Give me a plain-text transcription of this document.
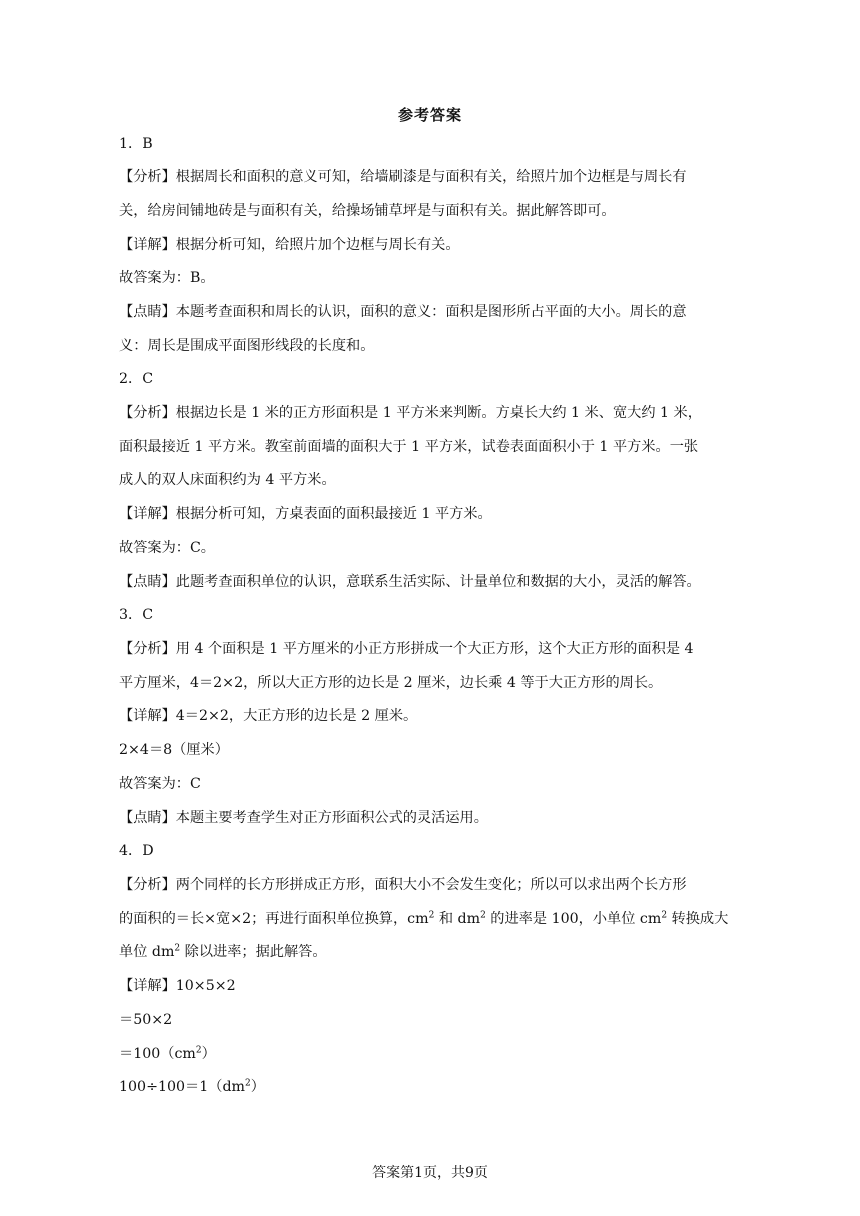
参考答案
1．B
【分析】根据周长和面积的意义可知，给墙刷漆是与面积有关，给照片加个边框是与周长有
关，给房间铺地砖是与面积有关，给操场铺草坪是与面积有关。据此解答即可。
【详解】根据分析可知，给照片加个边框与周长有关。
故答案为：B。
【点睛】本题考查面积和周长的认识，面积的意义：面积是图形所占平面的大小。周长的意
义：周长是围成平面图形线段的长度和。
2．C
【分析】根据边长是 1 米的正方形面积是 1 平方米来判断。方桌长大约 1 米、宽大约 1 米，
面积最接近 1 平方米。教室前面墙的面积大于 1 平方米，试卷表面面积小于 1 平方米。一张
成人的双人床面积约为 4 平方米。
【详解】根据分析可知，方桌表面的面积最接近 1 平方米。
故答案为：C。
【点睛】此题考查面积单位的认识，意联系生活实际、计量单位和数据的大小，灵活的解答。
3．C
【分析】用 4 个面积是 1 平方厘米的小正方形拼成一个大正方形，这个大正方形的面积是 4
平方厘米，4＝2×2，所以大正方形的边长是 2 厘米，边长乘 4 等于大正方形的周长。
【详解】4＝2×2，大正方形的边长是 2 厘米。
2×4＝8（厘米）
故答案为：C
【点睛】本题主要考查学生对正方形面积公式的灵活运用。
4．D
【分析】两个同样的长方形拼成正方形，面积大小不会发生变化；所以可以求出两个长方形
的面积的＝长×宽×2；再进行面积单位换算，$cm^2$ 和 $dm^2$ 的进率是 100，小单位 $cm^2$ 转换成大
单位 $dm^2$ 除以进率；据此解答。
【详解】10×5×2
＝50×2
$=100(cm^2)$
$100\div 100=1(dm^2)$
答案第1页，共9页
